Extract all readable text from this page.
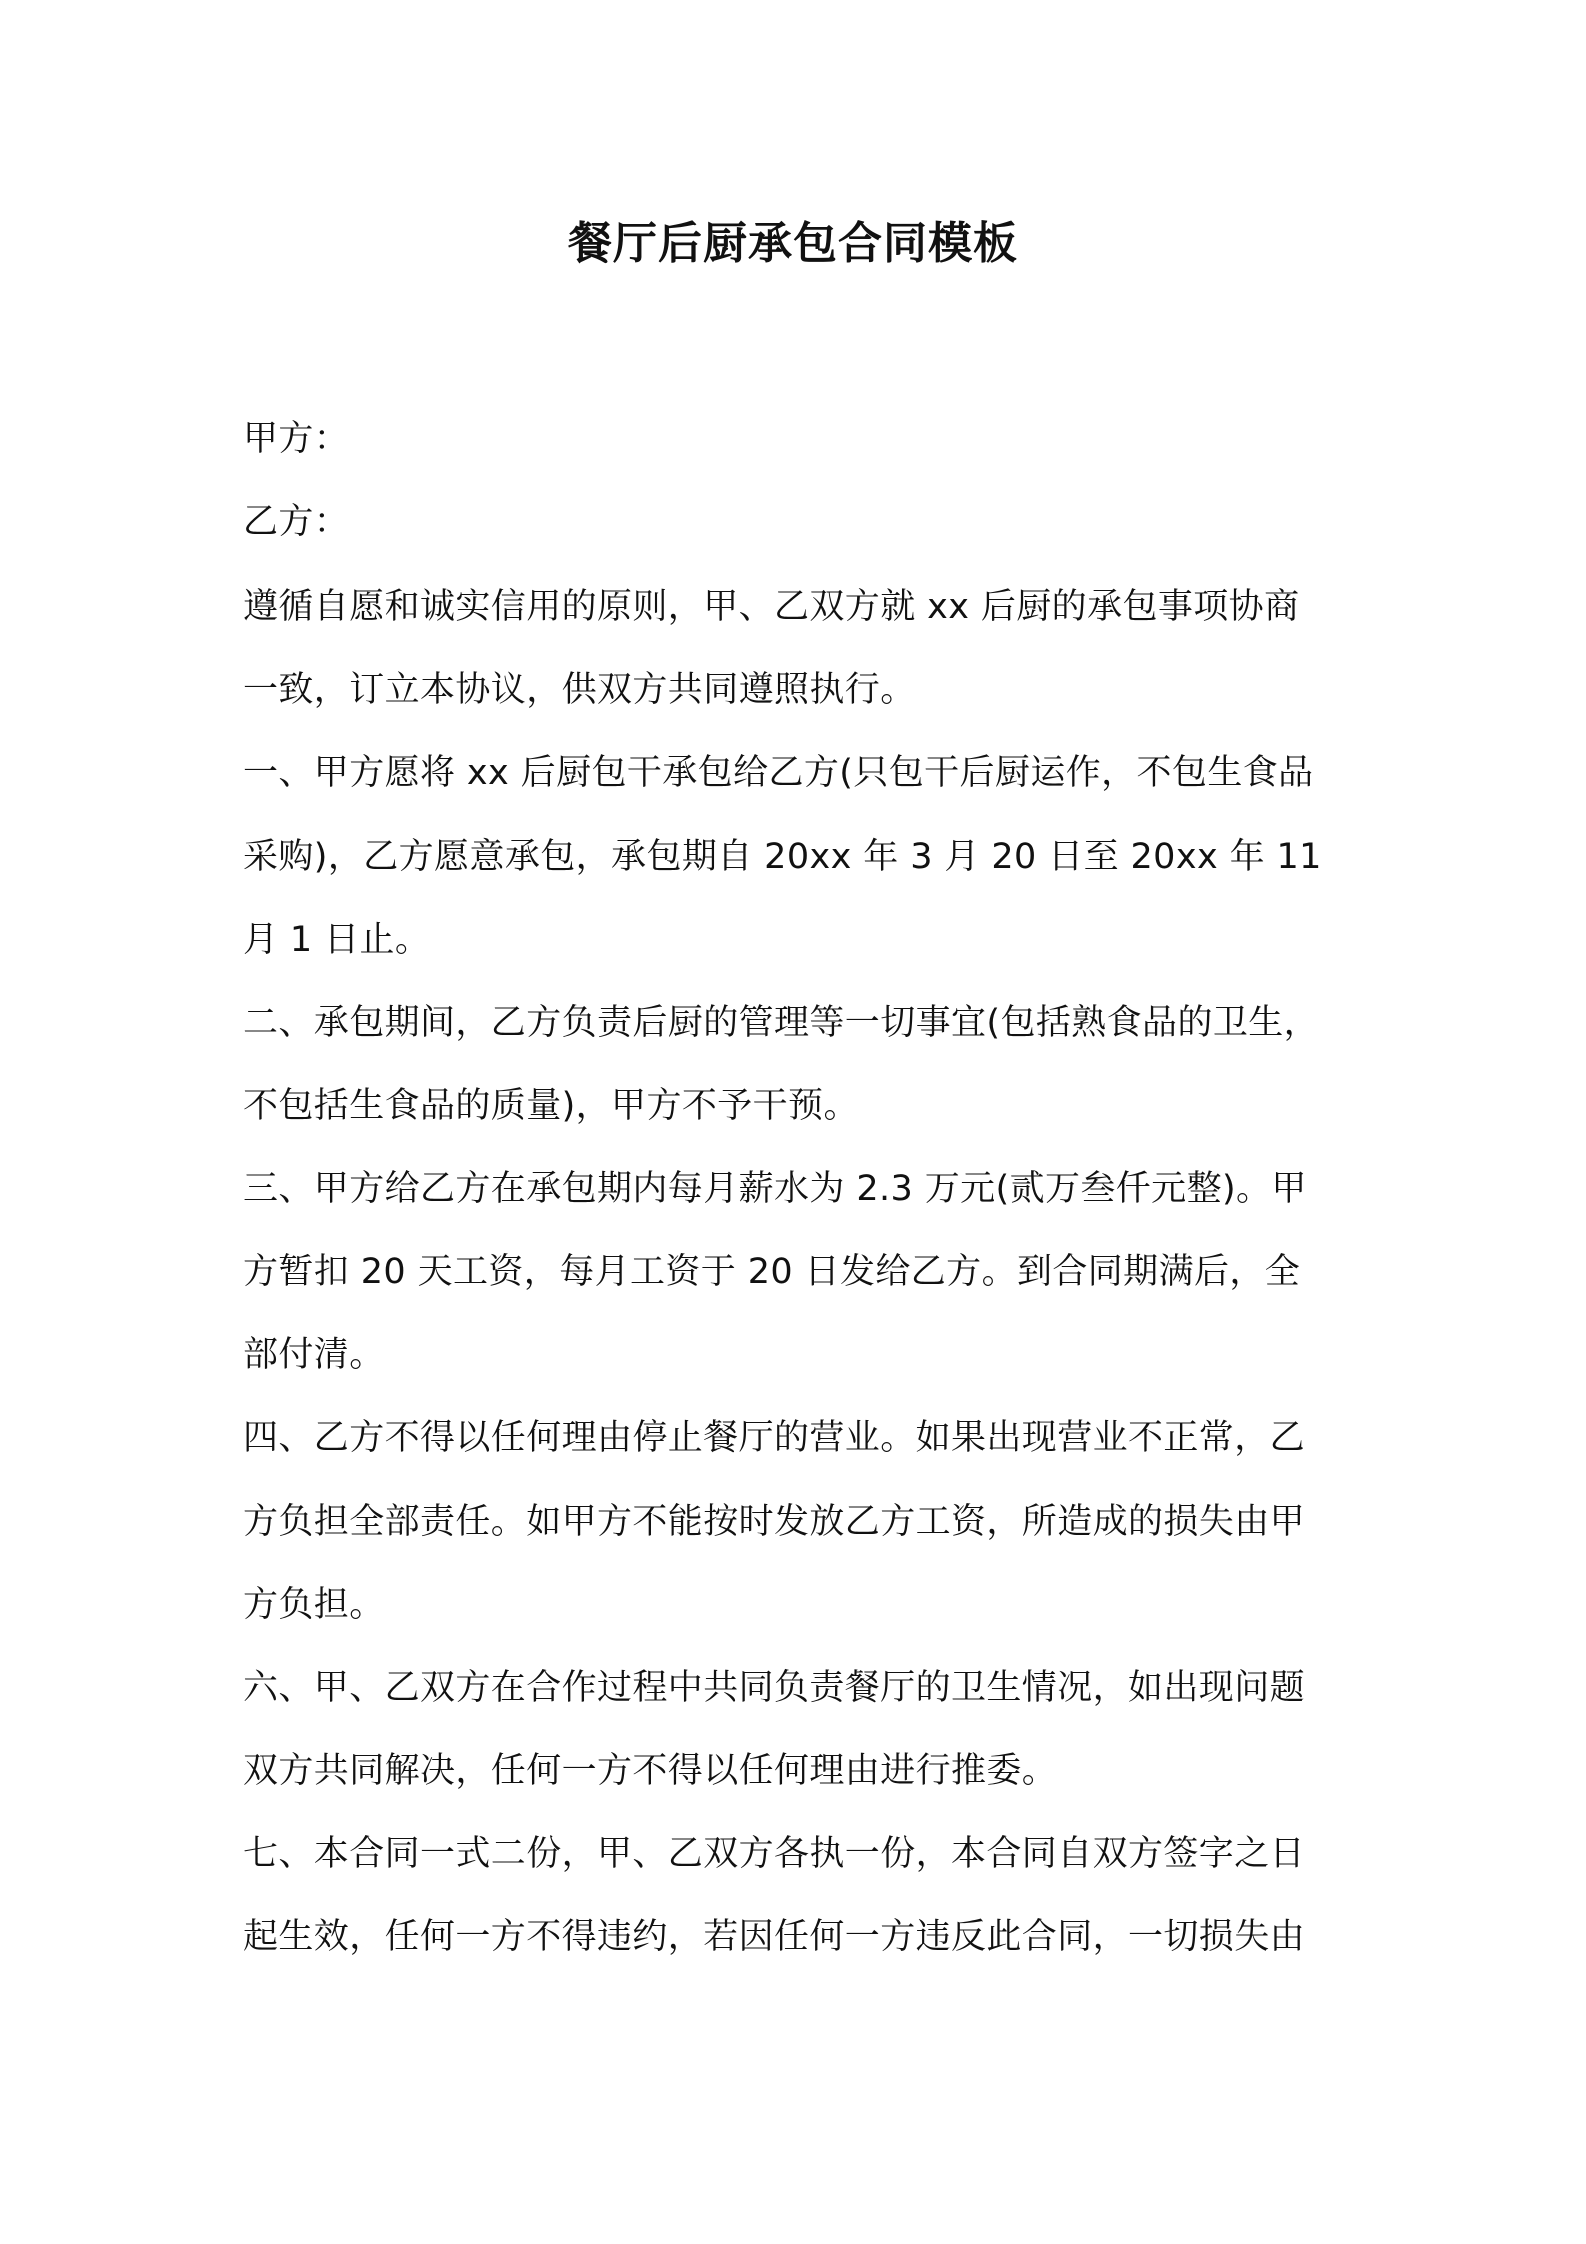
餐厅后厨承包合同模板
甲方：
乙方：
遵循自愿和诚实信用的原则，甲、乙双方就 xx 后厨的承包事项协商
一致，订立本协议，供双方共同遵照执行。
一、甲方愿将 xx 后厨包干承包给乙方(只包干后厨运作，不包生食品
采购)，乙方愿意承包，承包期自 20xx 年 3 月 20 日至 20xx 年 11
月 1 日止。
二、承包期间，乙方负责后厨的管理等一切事宜(包括熟食品的卫生，
不包括生食品的质量)，甲方不予干预。
三、甲方给乙方在承包期内每月薪水为 2.3 万元(贰万叁仟元整)。甲
方暂扣 20 天工资，每月工资于 20 日发给乙方。到合同期满后，全
部付清。
四、乙方不得以任何理由停止餐厅的营业。如果出现营业不正常，乙
方负担全部责任。如甲方不能按时发放乙方工资，所造成的损失由甲
方负担。
六、甲、乙双方在合作过程中共同负责餐厅的卫生情况，如出现问题
双方共同解决，任何一方不得以任何理由进行推委。
七、本合同一式二份，甲、乙双方各执一份，本合同自双方签字之日
起生效，任何一方不得违约，若因任何一方违反此合同，一切损失由
